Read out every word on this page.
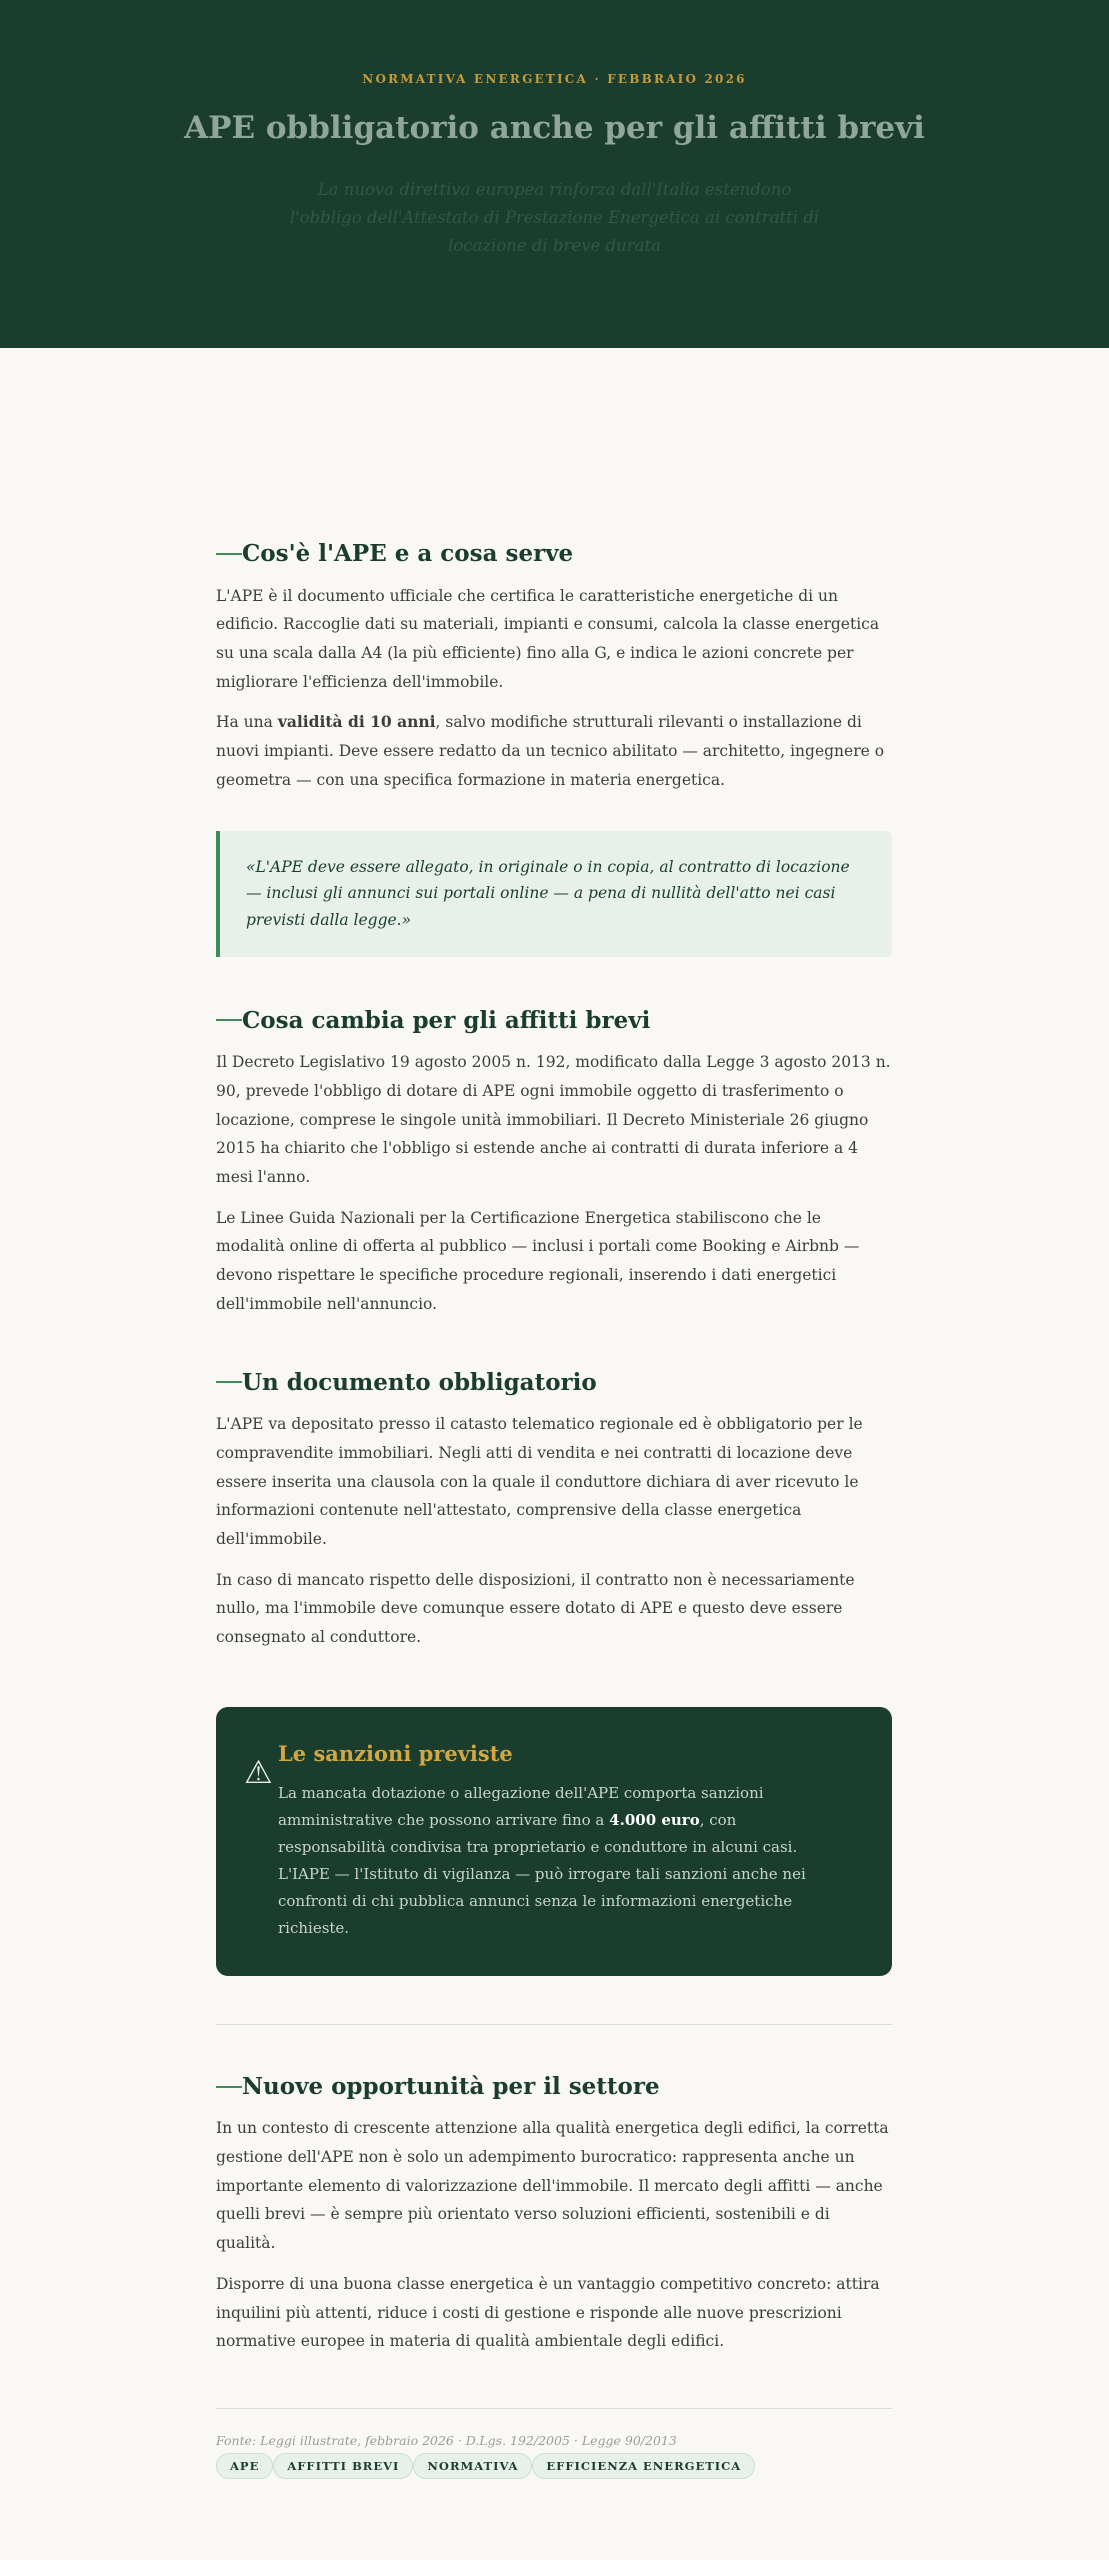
NORMATIVA ENERGETICA · FEBBRAIO 2026
APE obbligatorio anche per gli affitti brevi
La nuova direttiva europea rinforza dall'Italia estendono l'obbligo dell'Attestato di Prestazione Energetica ai contratti di locazione di breve durata
Cos'è l'APE e a cosa serve

L'APE è il documento ufficiale che certifica le caratteristiche energetiche di un edificio. Raccoglie dati su materiali, impianti e consumi, calcola la classe energetica su una scala dalla A4 (la più efficiente) fino alla G, e indica le azioni concrete per migliorare l'efficienza dell'immobile.

Ha una validità di 10 anni, salvo modifiche strutturali rilevanti o installazione di nuovi impianti. Deve essere redatto da un tecnico abilitato — architetto, ingegnere o geometra — con una specifica formazione in materia energetica.

«L'APE deve essere allegato, in originale o in copia, al contratto di locazione — inclusi gli annunci sui portali online — a pena di nullità dell'atto nei casi previsti dalla legge.»
Cosa cambia per gli affitti brevi

Il Decreto Legislativo 19 agosto 2005 n. 192, modificato dalla Legge 3 agosto 2013 n. 90, prevede l'obbligo di dotare di APE ogni immobile oggetto di trasferimento o locazione, comprese le singole unità immobiliari. Il Decreto Ministeriale 26 giugno 2015 ha chiarito che l'obbligo si estende anche ai contratti di durata inferiore a 4 mesi l'anno.

Le Linee Guida Nazionali per la Certificazione Energetica stabiliscono che le modalità online di offerta al pubblico — inclusi i portali come Booking e Airbnb — devono rispettare le specifiche procedure regionali, inserendo i dati energetici dell'immobile nell'annuncio.

Un documento obbligatorio

L'APE va depositato presso il catasto telematico regionale ed è obbligatorio per le compravendite immobiliari. Negli atti di vendita e nei contratti di locazione deve essere inserita una clausola con la quale il conduttore dichiara di aver ricevuto le informazioni contenute nell'attestato, comprensive della classe energetica dell'immobile.

In caso di mancato rispetto delle disposizioni, il contratto non è necessariamente nullo, ma l'immobile deve comunque essere dotato di APE e questo deve essere consegnato al conduttore.

⚠ Le sanzioni previste
La mancata dotazione o allegazione dell'APE comporta sanzioni amministrative che possono arrivare fino a 4.000 euro, con responsabilità condivisa tra proprietario e conduttore in alcuni casi. L'IAPE — l'Istituto di vigilanza — può irrogare tali sanzioni anche nei confronti di chi pubblica annunci senza le informazioni energetiche richieste.
Nuove opportunità per il settore

In un contesto di crescente attenzione alla qualità energetica degli edifici, la corretta gestione dell'APE non è solo un adempimento burocratico: rappresenta anche un importante elemento di valorizzazione dell'immobile. Il mercato degli affitti — anche quelli brevi — è sempre più orientato verso soluzioni efficienti, sostenibili e di qualità.

Disporre di una buona classe energetica è un vantaggio competitivo concreto: attira inquilini più attenti, riduce i costi di gestione e risponde alle nuove prescrizioni normative europee in materia di qualità ambientale degli edifici.

Fonte: Leggi illustrate, febbraio 2026 · D.Lgs. 192/2005 · Legge 90/2013
APE	AFFITTI BREVI	NORMATIVA	EFFICIENZA ENERGETICA
